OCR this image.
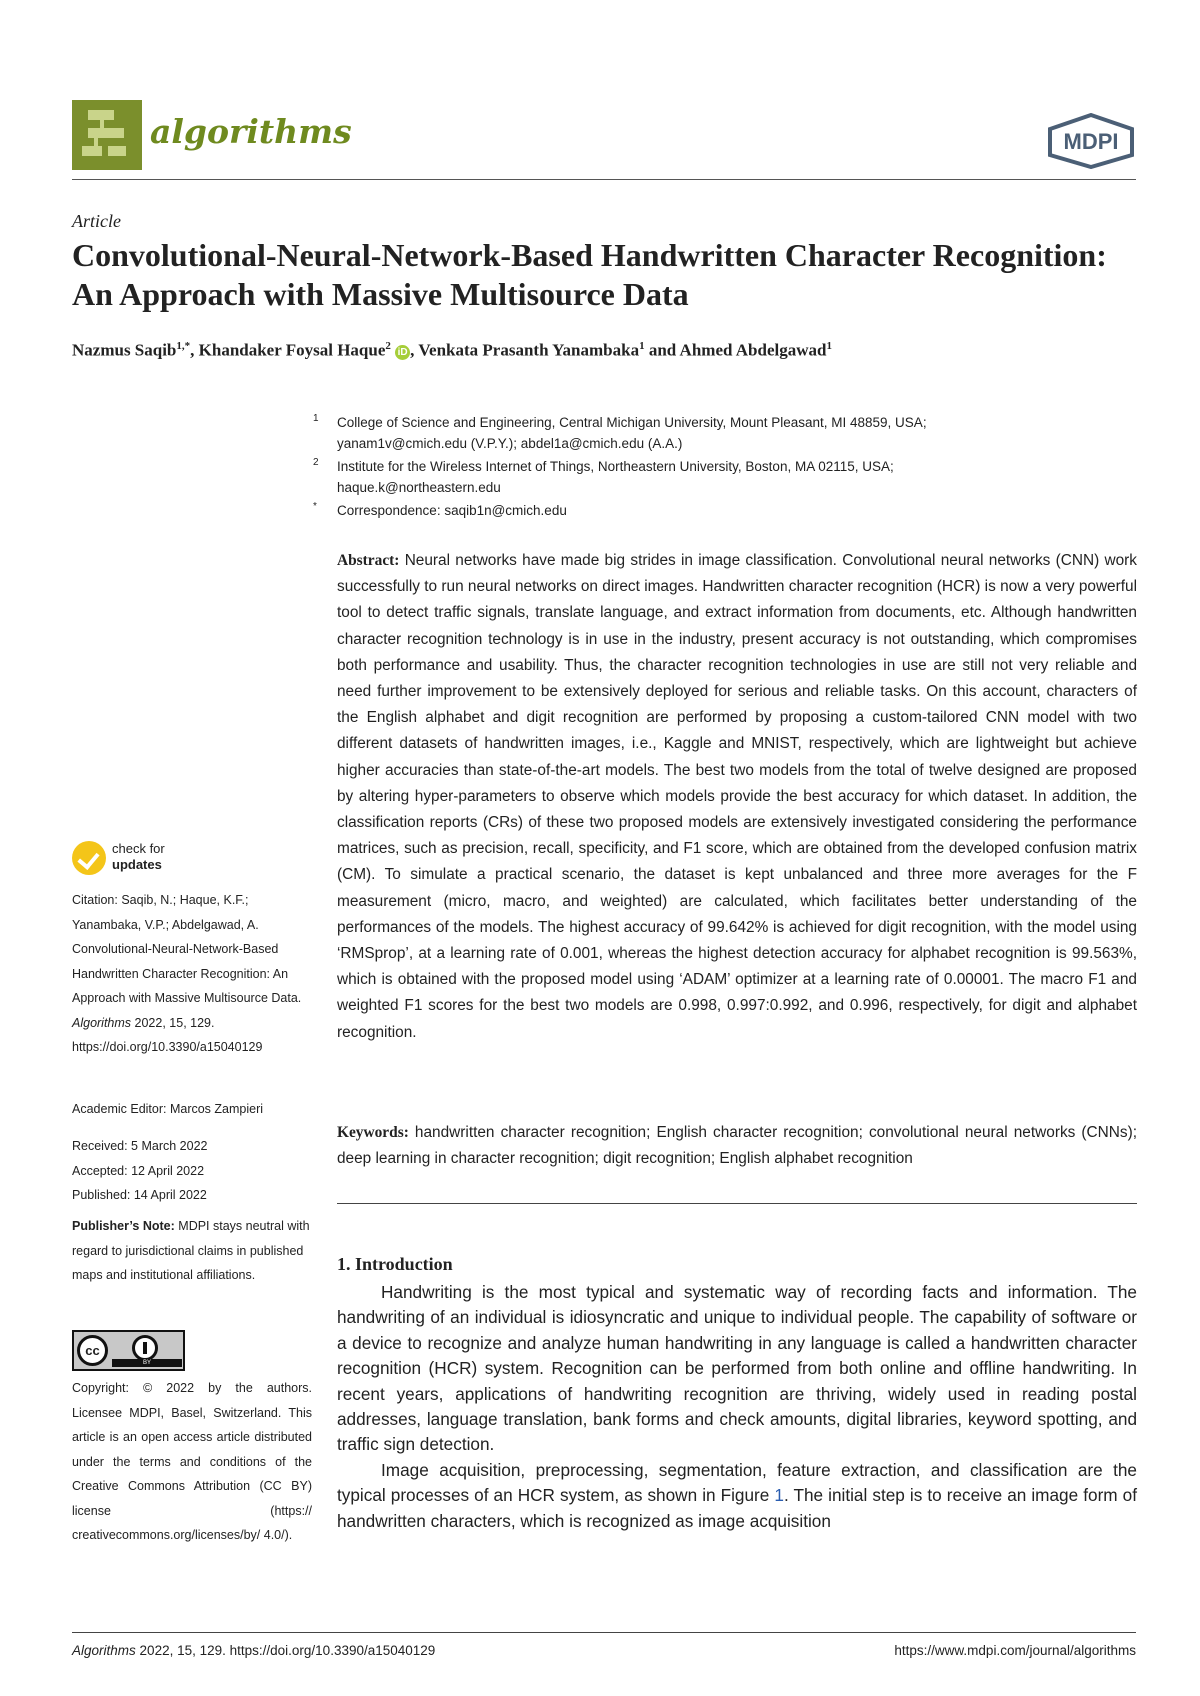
algorithms	MDPI
Article
Convolutional-Neural-Network-Based Handwritten Character Recognition: An Approach with Massive Multisource Data
Nazmus Saqib$^{1,*}$, Khandaker Foysal Haque$^2$ iD , Venkata Prasanth Yanambaka$^1$ and Ahmed Abdelgawad$^1$
1 College of Science and Engineering, Central Michigan University, Mount Pleasant, MI 48859, USA;
yanam1v@cmich.edu (V.P.Y.); abdel1a@cmich.edu (A.A.)
2 Institute for the Wireless Internet of Things, Northeastern University, Boston, MA 02115, USA;
haque.k@northeastern.edu
* Correspondence: saqib1n@cmich.edu
Abstract: Neural networks have made big strides in image classification. Convolutional neural networks (CNN) work successfully to run neural networks on direct images. Handwritten character recognition (HCR) is now a very powerful tool to detect traffic signals, translate language, and extract information from documents, etc. Although handwritten character recognition technology is in use in the industry, present accuracy is not outstanding, which compromises both performance and usability. Thus, the character recognition technologies in use are still not very reliable and need further improvement to be extensively deployed for serious and reliable tasks. On this account, characters of the English alphabet and digit recognition are performed by proposing a custom-tailored CNN model with two different datasets of handwritten images, i.e., Kaggle and MNIST, respectively, which are lightweight but achieve higher accuracies than state-of-the-art models. The best two models from the total of twelve designed are proposed by altering hyper-parameters to observe which models provide the best accuracy for which dataset. In addition, the classification reports (CRs) of these two proposed models are extensively investigated considering the performance matrices, such as precision, recall, specificity, and F1 score, which are obtained from the developed confusion matrix (CM). To simulate a practical scenario, the dataset is kept unbalanced and three more averages for the F measurement (micro, macro, and weighted) are calculated, which facilitates better understanding of the performances of the models. The highest accuracy of 99.642% is achieved for digit recognition, with the model using ‘RMSprop’, at a learning rate of 0.001, whereas the highest detection accuracy for alphabet recognition is 99.563%, which is obtained with the proposed model using ‘ADAM’ optimizer at a learning rate of 0.00001. The macro F1 and weighted F1 scores for the best two models are 0.998, 0.997:0.992, and 0.996, respectively, for digit and alphabet recognition.
Keywords: handwritten character recognition; English character recognition; convolutional neural networks (CNNs); deep learning in character recognition; digit recognition; English alphabet recognition
1. Introduction

Handwriting is the most typical and systematic way of recording facts and information. The handwriting of an individual is idiosyncratic and unique to individual people. The capability of software or a device to recognize and analyze human handwriting in any language is called a handwritten character recognition (HCR) system. Recognition can be performed from both online and offline handwriting. In recent years, applications of handwriting recognition are thriving, widely used in reading postal addresses, language translation, bank forms and check amounts, digital libraries, keyword spotting, and traffic sign detection.

Image acquisition, preprocessing, segmentation, feature extraction, and classification are the typical processes of an HCR system, as shown in Figure 1. The initial step is to receive an image form of handwritten characters, which is recognized as image acquisition

check for
updates

Citation: Saqib, N.; Haque, K.F.; Yanambaka, V.P.; Abdelgawad, A. Convolutional-Neural-Network-Based Handwritten Character Recognition: An Approach with Massive Multisource Data. Algorithms 2022, 15, 129. https://doi.org/10.3390/a15040129

Academic Editor: Marcos Zampieri
Received: 5 March 2022
Accepted: 12 April 2022
Published: 14 April 2022
Publisher’s Note: MDPI stays neutral with regard to jurisdictional claims in published maps and institutional affiliations.
cc
BY
Copyright: © 2022 by the authors. Licensee MDPI, Basel, Switzerland. This article is an open access article distributed under the terms and conditions of the Creative Commons Attribution (CC BY) license (https:// creativecommons.org/licenses/by/ 4.0/).
Algorithms 2022, 15, 129. https://doi.org/10.3390/a15040129	https://www.mdpi.com/journal/algorithms
